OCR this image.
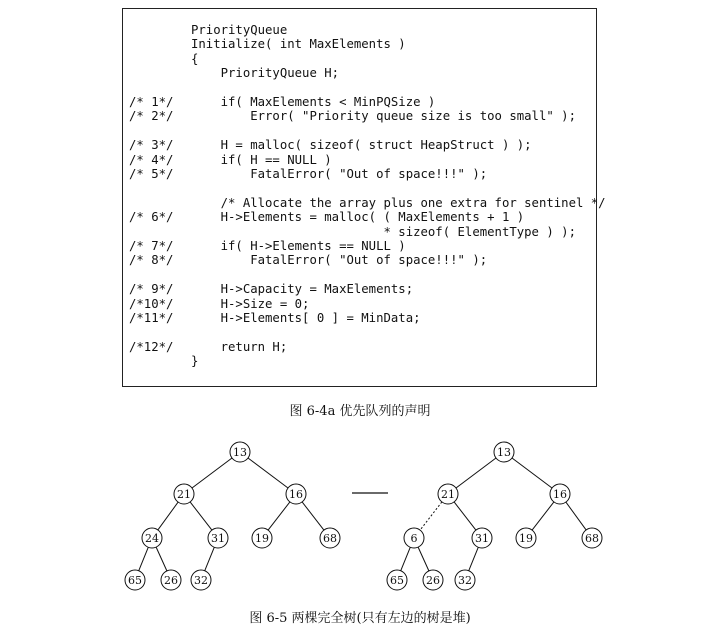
PriorityQueue
Initialize( int MaxElements )
{
PriorityQueue H;
/* 1*/ if( MaxElements < MinPQSize )
/* 2*/ Error( "Priority queue size is too small" );
/* 3*/ H = malloc( sizeof( struct HeapStruct ) );
/* 4*/ if( H == NULL )
/* 5*/ FatalError( "Out of space!!!" );
/* Allocate the array plus one extra for sentinel */
/* 6*/ H->Elements = malloc( ( MaxElements + 1 )
* sizeof( ElementType ) );
/* 7*/ if( H->Elements == NULL )
/* 8*/ FatalError( "Out of space!!!" );
/* 9*/ H->Capacity = MaxElements;
/*10*/ H->Size = 0;
/*11*/ H->Elements[ 0 ] = MinData;
/*12*/ return H;
}
图 6-4a 优先队列的声明
13
21	16
24	31	19	68
65 26 32
13
21	16
6	31	19	68
65 26 32
图 6-5 两棵完全树(只有左边的树是堆)
